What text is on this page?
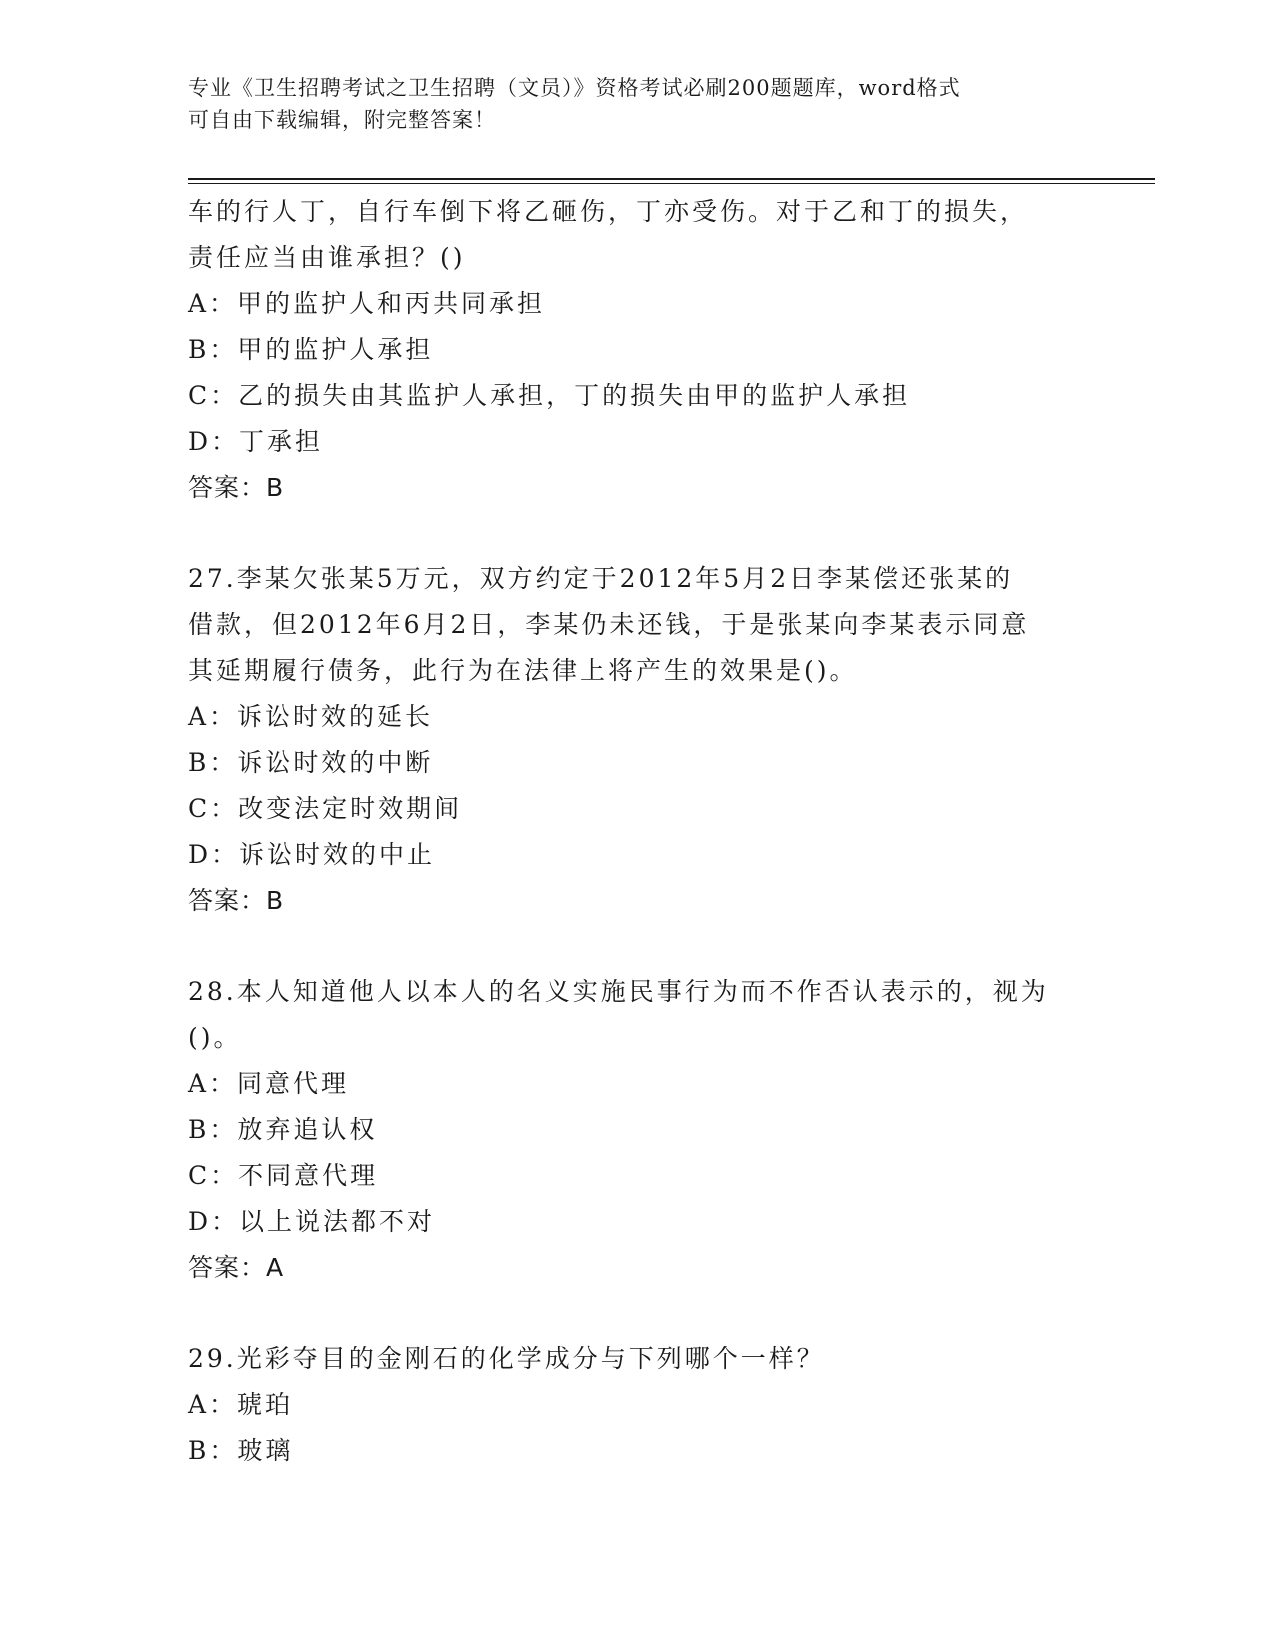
专业《卫生招聘考试之卫生招聘（文员）》资格考试必刷200题题库，word格式
可自由下载编辑，附完整答案！
车的行人丁，自行车倒下将乙砸伤，丁亦受伤。对于乙和丁的损失，
责任应当由谁承担？()
A：甲的监护人和丙共同承担
B：甲的监护人承担
C：乙的损失由其监护人承担，丁的损失由甲的监护人承担
D：丁承担
答案：B
27.李某欠张某5万元，双方约定于2012年5月2日李某偿还张某的
借款，但2012年6月2日，李某仍未还钱，于是张某向李某表示同意
其延期履行债务，此行为在法律上将产生的效果是()。
A：诉讼时效的延长
B：诉讼时效的中断
C：改变法定时效期间
D：诉讼时效的中止
答案：B
28.本人知道他人以本人的名义实施民事行为而不作否认表示的，视为
()。
A：同意代理
B：放弃追认权
C：不同意代理
D：以上说法都不对
答案：A
29.光彩夺目的金刚石的化学成分与下列哪个一样？
A：琥珀
B：玻璃
